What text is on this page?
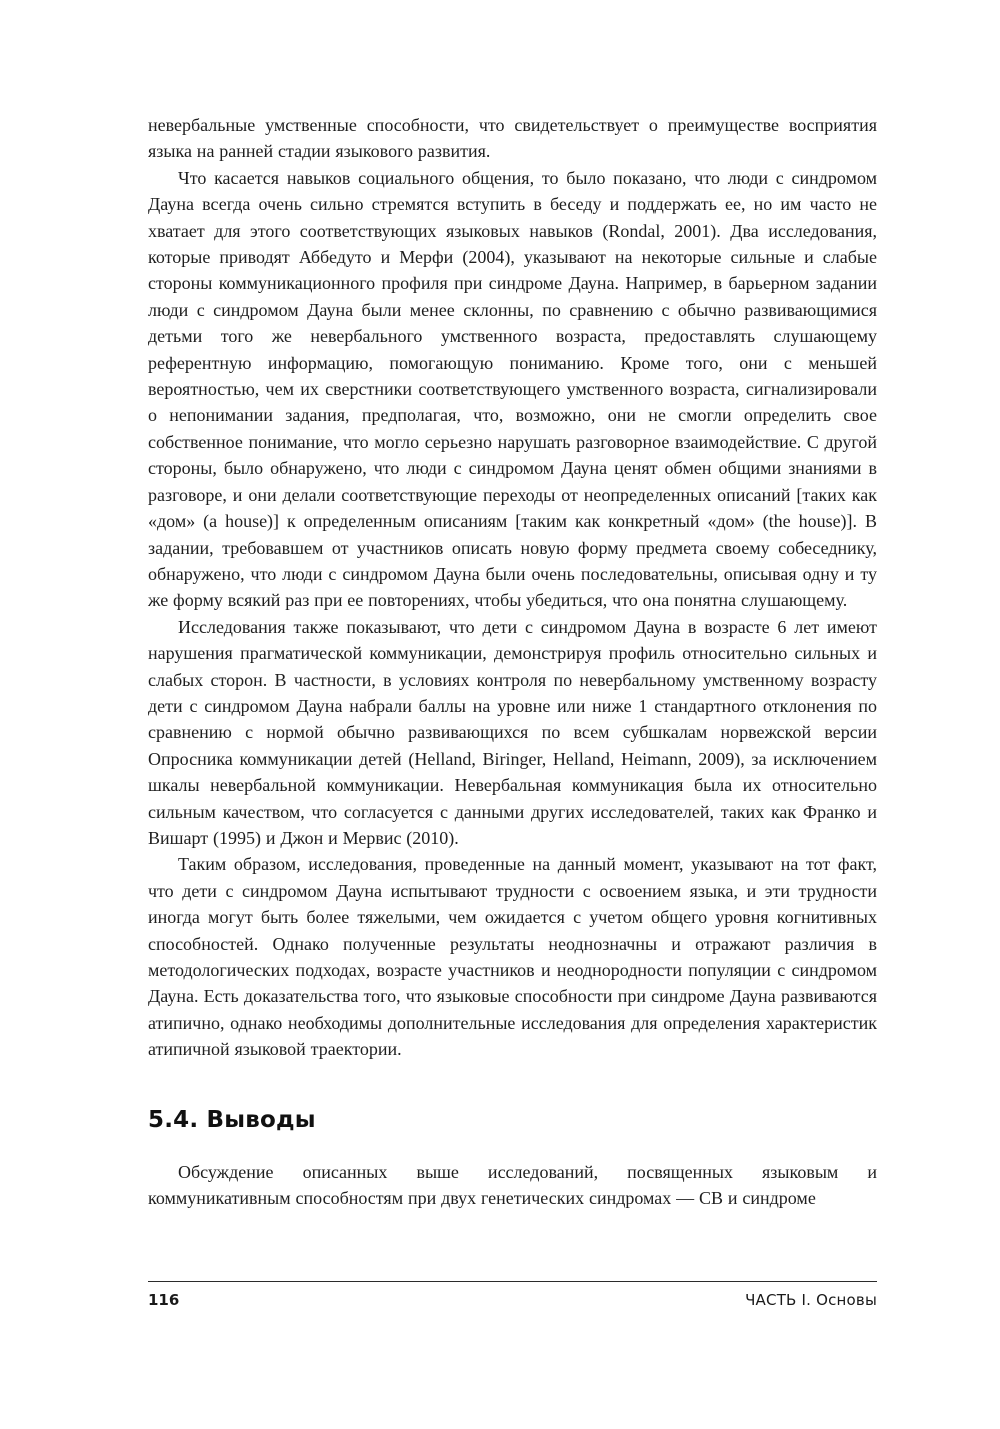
невербальные умственные способности, что свидетельствует о преимуществе восприятия языка на ранней стадии языкового развития.

Что касается навыков социального общения, то было показано, что люди с синдромом Дауна всегда очень сильно стремятся вступить в беседу и поддержать ее, но им часто не хватает для этого соответствующих языковых навыков (Rondal, 2001). Два исследования, которые приводят Аббедуто и Мерфи (2004), указывают на некоторые сильные и слабые стороны коммуникационного профиля при синдроме Дауна. Например, в барьерном задании люди с синдромом Дауна были менее склонны, по сравнению с обычно развивающимися детьми того же невербального умственного возраста, предоставлять слушающему референтную информацию, помогающую пониманию. Кроме того, они с меньшей вероятностью, чем их сверстники соответствующего умственного возраста, сигнализировали о непонимании задания, предполагая, что, возможно, они не смогли определить свое собственное понимание, что могло серьезно нарушать разговорное взаимодействие. С другой стороны, было обнаружено, что люди с синдромом Дауна ценят обмен общими знаниями в разговоре, и они делали соответствующие переходы от неопределенных описаний [таких как «дом» (a house)] к определенным описаниям [таким как конкретный «дом» (the house)]. В задании, требовавшем от участников описать новую форму предмета своему собеседнику, обнаружено, что люди с синдромом Дауна были очень последовательны, описывая одну и ту же форму всякий раз при ее повторениях, чтобы убедиться, что она понятна слушающему.

Исследования также показывают, что дети с синдромом Дауна в возрасте 6 лет имеют нарушения прагматической коммуникации, демонстрируя профиль относительно сильных и слабых сторон. В частности, в условиях контроля по невербальному умственному возрасту дети с синдромом Дауна набрали баллы на уровне или ниже 1 стандартного отклонения по сравнению с нормой обычно развивающихся по всем субшкалам норвежской версии Опросника коммуникации детей (Helland, Biringer, Helland, Heimann, 2009), за исключением шкалы невербальной коммуникации. Невербальная коммуникация была их относительно сильным качеством, что согласуется с данными других исследователей, таких как Франко и Вишарт (1995) и Джон и Мервис (2010).

Таким образом, исследования, проведенные на данный момент, указывают на тот факт, что дети с синдромом Дауна испытывают трудности с освоением языка, и эти трудности иногда могут быть более тяжелыми, чем ожидается с учетом общего уровня когнитивных способностей. Однако полученные результаты неоднозначны и отражают различия в методологических подходах, возрасте участников и неоднородности популяции с синдромом Дауна. Есть доказательства того, что языковые способности при синдроме Дауна развиваются атипично, однако необходимы дополнительные исследования для определения характеристик атипичной языковой траектории.

5.4. Выводы

Обсуждение описанных выше исследований, посвященных языковым и коммуникативным способностям при двух генетических синдромах — СВ и синдроме

116	ЧАСТЬ I. Основы
